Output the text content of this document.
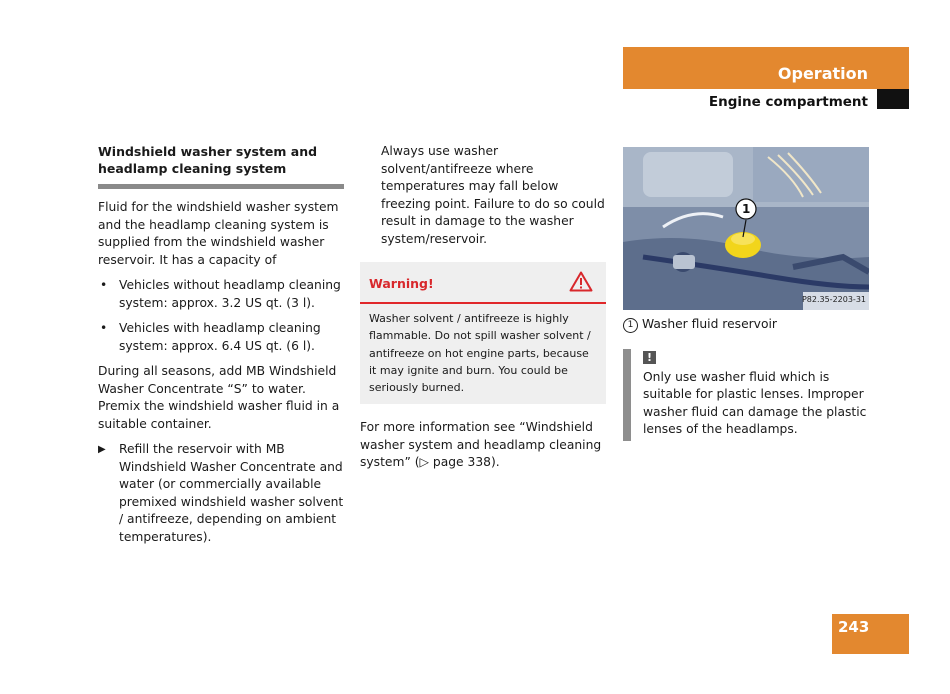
Operation
Engine compartment
Windshield washer system and
headlamp cleaning system

Fluid for the windshield washer system and the headlamp cleaning system is supplied from the windshield washer reservoir. It has a capacity of

• Vehicles without headlamp cleaning system: approx. 3.2 US qt. (3 l).
• Vehicles with headlamp cleaning system: approx. 6.4 US qt. (6 l).

During all seasons, add MB Windshield Washer Concentrate “S” to water. Premix the windshield washer fluid in a suitable container.

▶ Refill the reservoir with MB Windshield Washer Concentrate and water (or commercially available premixed windshield washer solvent / antifreeze, depending on ambient temperatures).
Always use washer solvent/antifreeze where temperatures may fall below freezing point. Failure to do so could result in damage to the washer system/reservoir.
Warning!
Washer solvent / antifreeze is highly flammable. Do not spill washer solvent / antifreeze on hot engine parts, because it may ignite and burn. You could be seriously burned.

For more information see “Windshield washer system and headlamp cleaning system” (▷ page 338).

1
P82.35-2203-31
1 Washer fluid reservoir
!
Only use washer fluid which is suitable for plastic lenses. Improper washer fluid can damage the plastic lenses of the headlamps.
243
